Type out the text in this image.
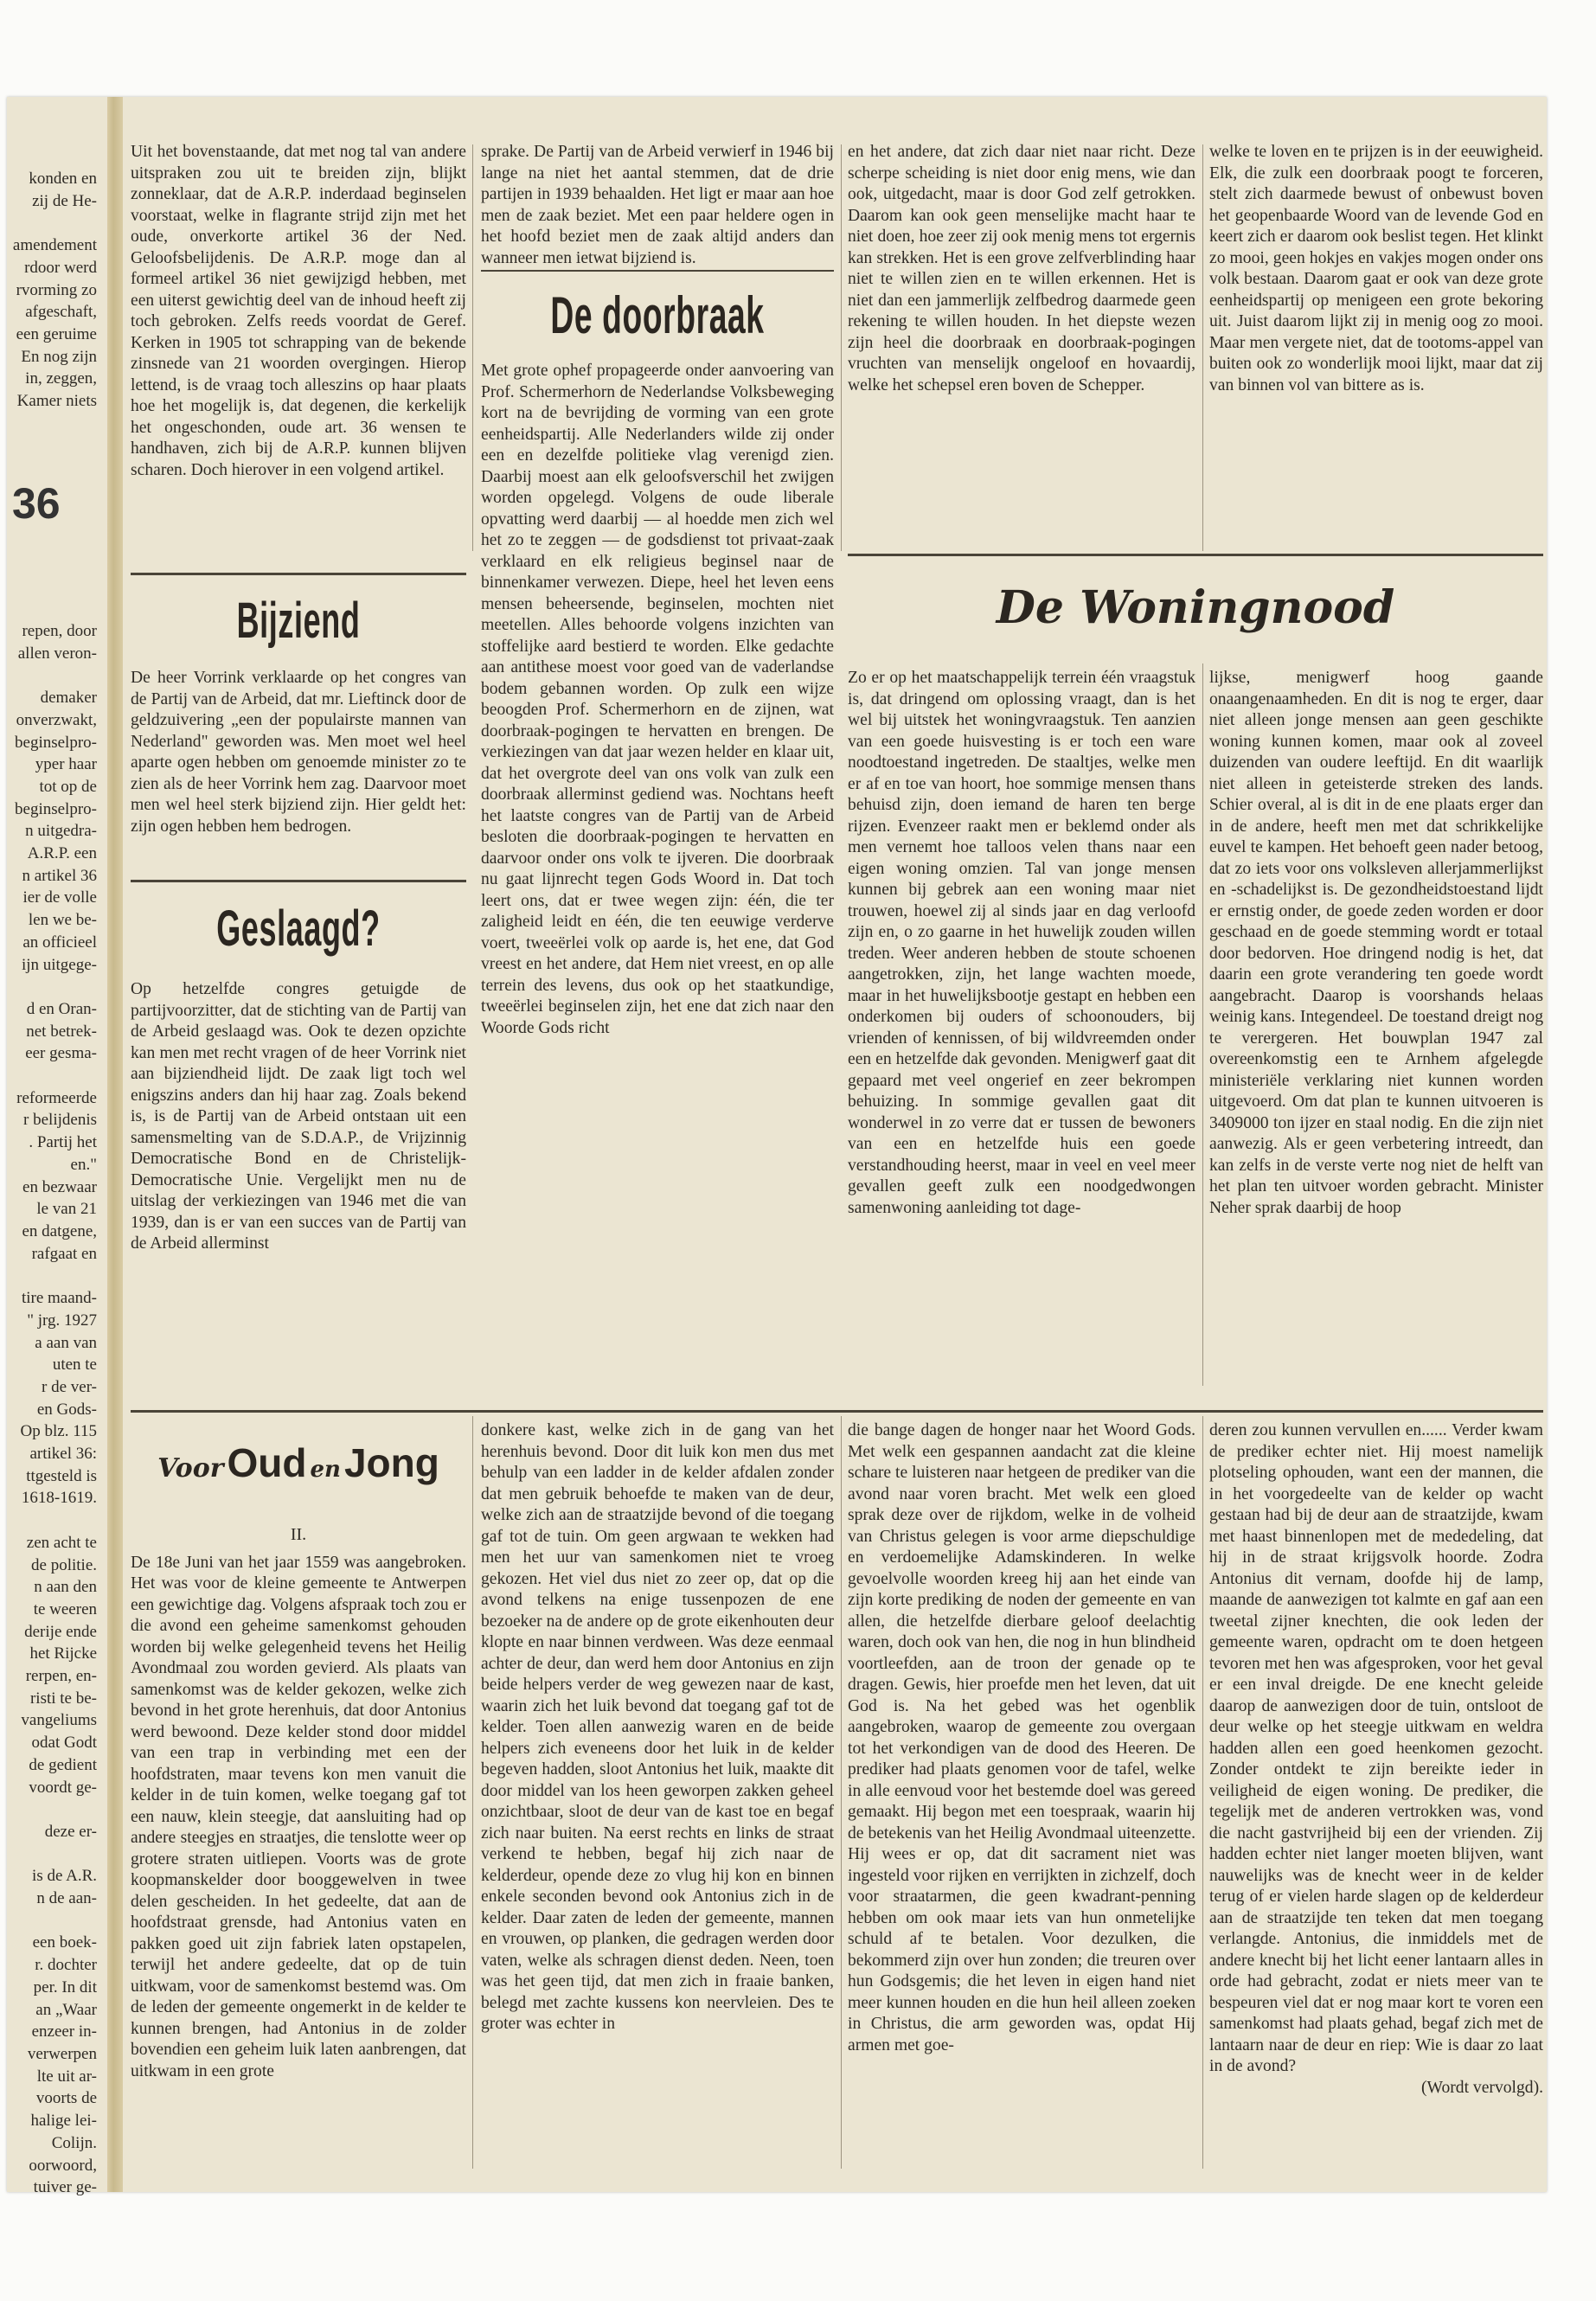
konden en
zij de He-

amendement
rdoor werd
rvorming zo
afgeschaft,
een geruime
En nog zijn
in, zeggen,
Kamer niets
36
repen, door
allen veron-

demaker
onverzwakt,
beginselpro-
yper haar
tot op de
beginselpro-
n uitgedra-
A.R.P. een
n artikel 36
ier de volle
len we be-
an officieel
ijn uitgege-

d en Oran-
net betrek-
eer gesma-

reformeerde
r belijdenis
. Partij het
en."
en bezwaar
le van 21
en datgene,
rafgaat en

tire maand-
" jrg. 1927
a aan van
uten te
r de ver-
en Gods-
Op blz. 115
artikel 36:
ttgesteld is
1618-1619.

zen acht te
de politie.
n aan den
te weeren
derije ende
het Rijcke
rerpen, en-
risti te be-
vangeliums
odat Godt
de gedient
voordt ge-

deze er-

is de A.R.
n de aan-

een boek-
r. dochter
per. In dit
an „Waar
enzeer in-
verwerpen
lte uit ar-
voorts de
halige lei-
Colijn.
oorwoord,
tuiver ge-

Uit het bovenstaande, dat met nog tal van andere uitspraken zou uit te breiden zijn, blijkt zonneklaar, dat de A.R.P. inderdaad beginselen voorstaat, welke in flagrante strijd zijn met het oude, onverkorte artikel 36 der Ned. Geloofsbelijdenis. De A.R.P. moge dan al formeel artikel 36 niet gewijzigd hebben, met een uiterst gewichtig deel van de inhoud heeft zij toch gebroken. Zelfs reeds voordat de Geref. Kerken in 1905 tot schrapping van de bekende zinsnede van 21 woorden overgingen. Hierop lettend, is de vraag toch alleszins op haar plaats hoe het mogelijk is, dat degenen, die kerkelijk het ongeschonden, oude art. 36 wensen te handhaven, zich bij de A.R.P. kunnen blijven scharen. Doch hierover in een volgend artikel.

Bijziend

De heer Vorrink verklaarde op het congres van de Partij van de Arbeid, dat mr. Lieftinck door de geldzuivering „een der populairste mannen van Nederland" geworden was. Men moet wel heel aparte ogen hebben om genoemde minister zo te zien als de heer Vorrink hem zag. Daarvoor moet men wel heel sterk bijziend zijn. Hier geldt het: zijn ogen hebben hem bedrogen.

Geslaagd?

Op hetzelfde congres getuigde de partijvoorzitter, dat de stichting van de Partij van de Arbeid geslaagd was. Ook te dezen opzichte kan men met recht vragen of de heer Vorrink niet aan bijziendheid lijdt. De zaak ligt toch wel enigszins anders dan hij haar zag. Zoals bekend is, is de Partij van de Arbeid ontstaan uit een samensmelting van de S.D.A.P., de Vrijzinnig Democratische Bond en de Christelijk-Democratische Unie. Vergelijkt men nu de uitslag der verkiezingen van 1946 met die van 1939, dan is er van een succes van de Partij van de Arbeid allerminst

sprake. De Partij van de Arbeid verwierf in 1946 bij lange na niet het aantal stemmen, dat de drie partijen in 1939 behaalden. Het ligt er maar aan hoe men de zaak beziet. Met een paar heldere ogen in het hoofd beziet men de zaak altijd anders dan wanneer men ietwat bijziend is.

De doorbraak

Met grote ophef propageerde onder aanvoering van Prof. Schermerhorn de Nederlandse Volksbeweging kort na de bevrijding de vorming van een grote eenheidspartij. Alle Nederlanders wilde zij onder een en dezelfde politieke vlag verenigd zien. Daarbij moest aan elk geloofsverschil het zwijgen worden opgelegd. Volgens de oude liberale opvatting werd daarbij — al hoedde men zich wel het zo te zeggen — de godsdienst tot privaat-zaak verklaard en elk religieus beginsel naar de binnenkamer verwezen. Diepe, heel het leven eens mensen beheersende, beginselen, mochten niet meetellen. Alles behoorde volgens inzichten van stoffelijke aard bestierd te worden. Elke gedachte aan antithese moest voor goed van de vaderlandse bodem gebannen worden. Op zulk een wijze beoogden Prof. Schermerhorn en de zijnen, wat doorbraak-pogingen te hervatten en brengen. De verkiezingen van dat jaar wezen helder en klaar uit, dat het overgrote deel van ons volk van zulk een doorbraak allerminst gediend was. Nochtans heeft het laatste congres van de Partij van de Arbeid besloten die doorbraak-pogingen te hervatten en daarvoor onder ons volk te ijveren. Die doorbraak nu gaat lijnrecht tegen Gods Woord in. Dat toch leert ons, dat er twee wegen zijn: één, die ter zaligheid leidt en één, die ten eeuwige verderve voert, tweeërlei volk op aarde is, het ene, dat God vreest en het andere, dat Hem niet vreest, en op alle terrein des levens, dus ook op het staatkundige, tweeërlei beginselen zijn, het ene dat zich naar den Woorde Gods richt

en het andere, dat zich daar niet naar richt. Deze scherpe scheiding is niet door enig mens, wie dan ook, uitgedacht, maar is door God zelf getrokken. Daarom kan ook geen menselijke macht haar te niet doen, hoe zeer zij ook menig mens tot ergernis kan strekken. Het is een grove zelfverblinding haar niet te willen zien en te willen erkennen. Het is niet dan een jammerlijk zelfbedrog daarmede geen rekening te willen houden. In het diepste wezen zijn heel die doorbraak en doorbraak-pogingen vruchten van menselijk ongeloof en hovaardij, welke het schepsel eren boven de Schepper.

welke te loven en te prijzen is in der eeuwigheid. Elk, die zulk een doorbraak poogt te forceren, stelt zich daarmede bewust of onbewust boven het geopenbaarde Woord van de levende God en keert zich er daarom ook beslist tegen. Het klinkt zo mooi, geen hokjes en vakjes mogen onder ons volk bestaan. Daarom gaat er ook van deze grote eenheidspartij op menigeen een grote bekoring uit. Juist daarom lijkt zij in menig oog zo mooi. Maar men vergete niet, dat de tootoms-appel van buiten ook zo wonderlijk mooi lijkt, maar dat zij van binnen vol van bittere as is.

De Woningnood

Zo er op het maatschappelijk terrein één vraagstuk is, dat dringend om oplossing vraagt, dan is het wel bij uitstek het woningvraagstuk. Ten aanzien van een goede huisvesting is er toch een ware noodtoestand ingetreden. De staaltjes, welke men er af en toe van hoort, hoe sommige mensen thans behuisd zijn, doen iemand de haren ten berge rijzen. Evenzeer raakt men er beklemd onder als men vernemt hoe talloos velen thans naar een eigen woning omzien. Tal van jonge mensen kunnen bij gebrek aan een woning maar niet trouwen, hoewel zij al sinds jaar en dag verloofd zijn en, o zo gaarne in het huwelijk zouden willen treden. Weer anderen hebben de stoute schoenen aangetrokken, zijn, het lange wachten moede, maar in het huwelijksbootje gestapt en hebben een onderkomen bij ouders of schoonouders, bij vrienden of kennissen, of bij wildvreemden onder een en hetzelfde dak gevonden. Menigwerf gaat dit gepaard met veel ongerief en zeer bekrompen behuizing. In sommige gevallen gaat dit wonderwel in zo verre dat er tussen de bewoners van een en hetzelfde huis een goede verstandhouding heerst, maar in veel en veel meer gevallen geeft zulk een noodgedwongen samenwoning aanleiding tot dage-

lijkse, menigwerf hoog gaande onaangenaamheden. En dit is nog te erger, daar niet alleen jonge mensen aan geen geschikte woning kunnen komen, maar ook al zoveel duizenden van oudere leeftijd. En dit waarlijk niet alleen in geteisterde streken des lands. Schier overal, al is dit in de ene plaats erger dan in de andere, heeft men met dat schrikkelijke euvel te kampen. Het behoeft geen nader betoog, dat zo iets voor ons volksleven allerjammerlijkst en -schadelijkst is. De gezondheidstoestand lijdt er ernstig onder, de goede zeden worden er door geschaad en de goede stemming wordt er totaal door bedorven. Hoe dringend nodig is het, dat daarin een grote verandering ten goede wordt aangebracht. Daarop is voorshands helaas weinig kans. Integendeel. De toestand dreigt nog te verergeren. Het bouwplan 1947 zal overeenkomstig een te Arnhem afgelegde ministeriële verklaring niet kunnen worden uitgevoerd. Om dat plan te kunnen uitvoeren is 3409000 ton ijzer en staal nodig. En die zijn niet aanwezig. Als er geen verbetering intreedt, dan kan zelfs in de verste verte nog niet de helft van het plan ten uitvoer worden gebracht. Minister Neher sprak daarbij de hoop

Voor Oud en Jong

II.

De 18e Juni van het jaar 1559 was aangebroken. Het was voor de kleine gemeente te Antwerpen een gewichtige dag. Volgens afspraak toch zou er die avond een geheime samenkomst gehouden worden bij welke gelegenheid tevens het Heilig Avondmaal zou worden gevierd. Als plaats van samenkomst was de kelder gekozen, welke zich bevond in het grote herenhuis, dat door Antonius werd bewoond. Deze kelder stond door middel van een trap in verbinding met een der hoofdstraten, maar tevens kon men vanuit die kelder in de tuin komen, welke toegang gaf tot een nauw, klein steegje, dat aansluiting had op andere steegjes en straatjes, die tenslotte weer op grotere straten uitliepen. Voorts was de grote koopmanskelder door booggewelven in twee delen gescheiden. In het gedeelte, dat aan de hoofdstraat grensde, had Antonius vaten en pakken goed uit zijn fabriek laten opstapelen, terwijl het andere gedeelte, dat op de tuin uitkwam, voor de samenkomst bestemd was. Om de leden der gemeente ongemerkt in de kelder te kunnen brengen, had Antonius in de zolder bovendien een geheim luik laten aanbrengen, dat uitkwam in een grote

donkere kast, welke zich in de gang van het herenhuis bevond. Door dit luik kon men dus met behulp van een ladder in de kelder afdalen zonder dat men gebruik behoefde te maken van de deur, welke zich aan de straatzijde bevond of die toegang gaf tot de tuin. Om geen argwaan te wekken had men het uur van samenkomen niet te vroeg gekozen. Het viel dus niet zo zeer op, dat op die avond telkens na enige tussenpozen de ene bezoeker na de andere op de grote eikenhouten deur klopte en naar binnen verdween. Was deze eenmaal achter de deur, dan werd hem door Antonius en zijn beide helpers verder de weg gewezen naar de kast, waarin zich het luik bevond dat toegang gaf tot de kelder. Toen allen aanwezig waren en de beide helpers zich eveneens door het luik in de kelder begeven hadden, sloot Antonius het luik, maakte dit door middel van los heen geworpen zakken geheel onzichtbaar, sloot de deur van de kast toe en begaf zich naar buiten. Na eerst rechts en links de straat verkend te hebben, begaf hij zich naar de kelderdeur, opende deze zo vlug hij kon en binnen enkele seconden bevond ook Antonius zich in de kelder. Daar zaten de leden der gemeente, mannen en vrouwen, op planken, die gedragen werden door vaten, welke als schragen dienst deden. Neen, toen was het geen tijd, dat men zich in fraaie banken, belegd met zachte kussens kon neervleien. Des te groter was echter in

die bange dagen de honger naar het Woord Gods. Met welk een gespannen aandacht zat die kleine schare te luisteren naar hetgeen de prediker van die avond naar voren bracht. Met welk een gloed sprak deze over de rijkdom, welke in de volheid van Christus gelegen is voor arme diepschuldige en verdoemelijke Adamskinderen. In welke gevoelvolle woorden kreeg hij aan het einde van zijn korte prediking de noden der gemeente en van allen, die hetzelfde dierbare geloof deelachtig waren, doch ook van hen, die nog in hun blindheid voortleefden, aan de troon der genade op te dragen. Gewis, hier proefde men het leven, dat uit God is. Na het gebed was het ogenblik aangebroken, waarop de gemeente zou overgaan tot het verkondigen van de dood des Heeren. De prediker had plaats genomen voor de tafel, welke in alle eenvoud voor het bestemde doel was gereed gemaakt. Hij begon met een toespraak, waarin hij de betekenis van het Heilig Avondmaal uiteenzette. Hij wees er op, dat dit sacrament niet was ingesteld voor rijken en verrijkten in zichzelf, doch voor straatarmen, die geen kwadrant-penning hebben om ook maar iets van hun onmetelijke schuld af te betalen. Voor dezulken, die bekommerd zijn over hun zonden; die treuren over hun Godsgemis; die het leven in eigen hand niet meer kunnen houden en die hun heil alleen zoeken in Christus, die arm geworden was, opdat Hij armen met goe-

deren zou kunnen vervullen en...... Verder kwam de prediker echter niet. Hij moest namelijk plotseling ophouden, want een der mannen, die in het voorgedeelte van de kelder op wacht gestaan had bij de deur aan de straatzijde, kwam met haast binnenlopen met de mededeling, dat hij in de straat krijgsvolk hoorde. Zodra Antonius dit vernam, doofde hij de lamp, maande de aanwezigen tot kalmte en gaf aan een tweetal zijner knechten, die ook leden der gemeente waren, opdracht om te doen hetgeen tevoren met hen was afgesproken, voor het geval er een inval dreigde. De ene knecht geleide daarop de aanwezigen door de tuin, ontsloot de deur welke op het steegje uitkwam en weldra hadden allen een goed heenkomen gezocht. Zonder ontdekt te zijn bereikte ieder in veiligheid de eigen woning. De prediker, die tegelijk met de anderen vertrokken was, vond die nacht gastvrijheid bij een der vrienden. Zij hadden echter niet langer moeten blijven, want nauwelijks was de knecht weer in de kelder terug of er vielen harde slagen op de kelderdeur aan de straatzijde ten teken dat men toegang verlangde. Antonius, die inmiddels met de andere knecht bij het licht eener lantaarn alles in orde had gebracht, zodat er niets meer van te bespeuren viel dat er nog maar kort te voren een samenkomst had plaats gehad, begaf zich met de lantaarn naar de deur en riep: Wie is daar zo laat in de avond?

(Wordt vervolgd).
